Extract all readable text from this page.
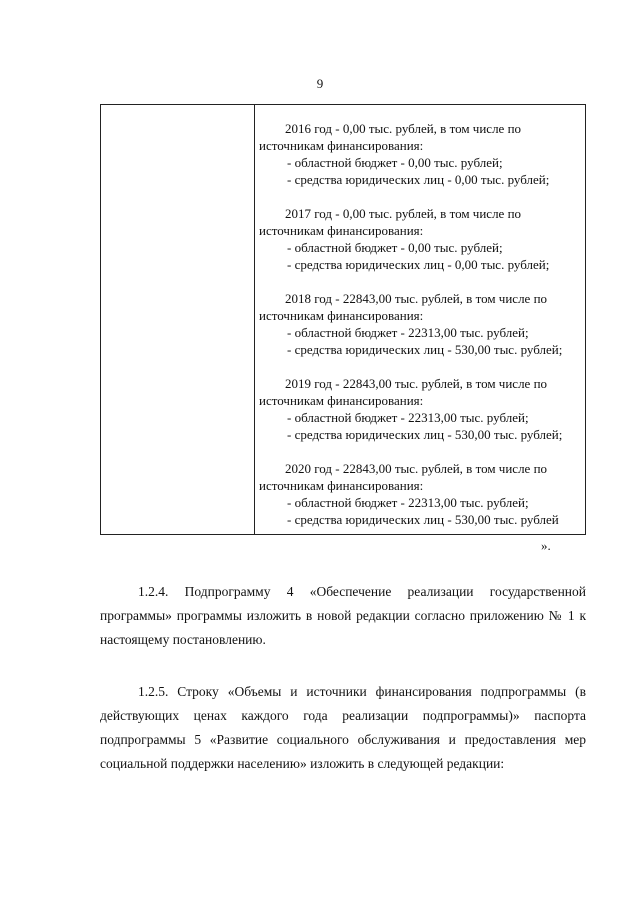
9
2016 год - 0,00 тыс. рублей, в том числе по
источникам финансирования:
- областной бюджет - 0,00 тыс. рублей;
- средства юридических лиц - 0,00 тыс. рублей;
2017 год - 0,00 тыс. рублей, в том числе по
источникам финансирования:
- областной бюджет - 0,00 тыс. рублей;
- средства юридических лиц - 0,00 тыс. рублей;
2018 год - 22843,00 тыс. рублей, в том числе по
источникам финансирования:
- областной бюджет - 22313,00 тыс. рублей;
- средства юридических лиц - 530,00 тыс. рублей;
2019 год - 22843,00 тыс. рублей, в том числе по
источникам финансирования:
- областной бюджет - 22313,00 тыс. рублей;
- средства юридических лиц - 530,00 тыс. рублей;
2020 год - 22843,00 тыс. рублей, в том числе по
источникам финансирования:
- областной бюджет - 22313,00 тыс. рублей;
- средства юридических лиц - 530,00 тыс. рублей
».

1.2.4. Подпрограмму 4 «Обеспечение реализации государственной программы» программы изложить в новой редакции согласно приложению № 1 к настоящему постановлению.

1.2.5. Строку «Объемы и источники финансирования подпрограммы (в действующих ценах каждого года реализации подпрограммы)» паспорта подпрограммы 5 «Развитие социального обслуживания и предоставления мер социальной поддержки населению» изложить в следующей редакции:
